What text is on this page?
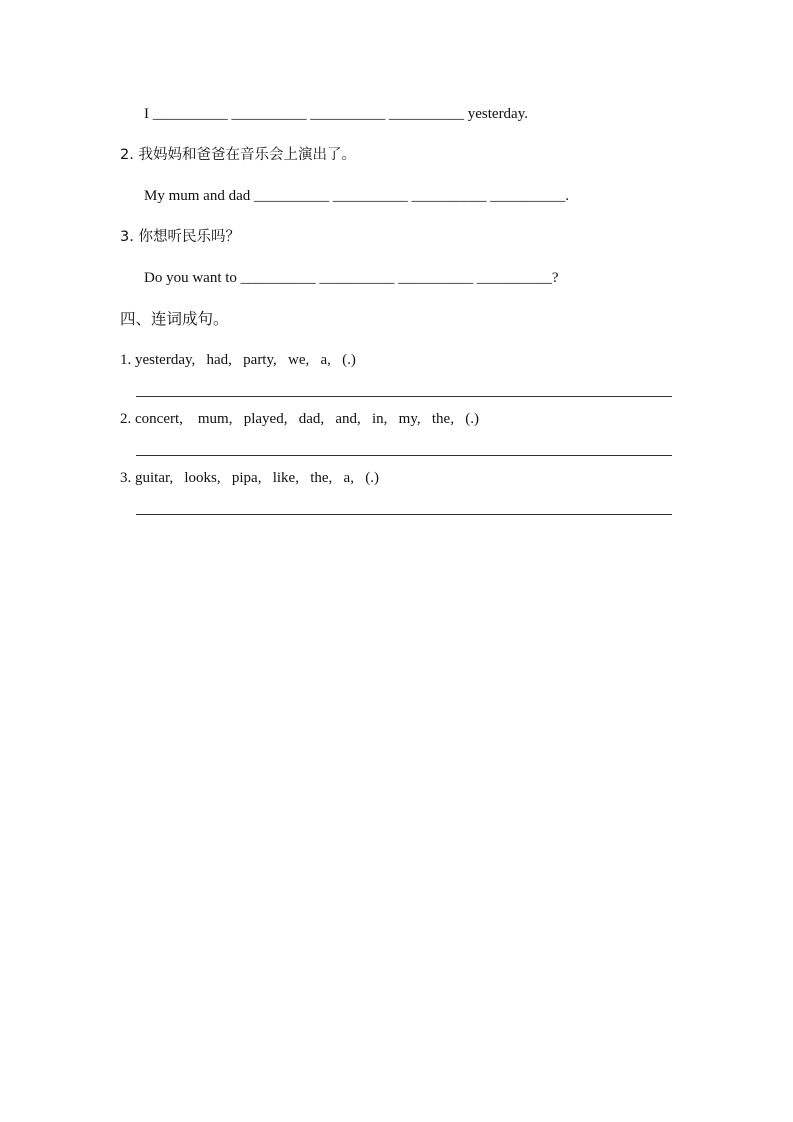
I __________ __________ __________ __________ yesterday.
2. 我妈妈和爸爸在音乐会上演出了。
My mum and dad __________ __________ __________ __________.
3. 你想听民乐吗？
Do you want to __________ __________ __________ __________?
四、连词成句。
1. yesterday,   had,   party,   we,   a,   (.)
2. concert,    mum,   played,   dad,   and,   in,   my,   the,   (.)
3. guitar,   looks,   pipa,   like,   the,   a,   (.)
